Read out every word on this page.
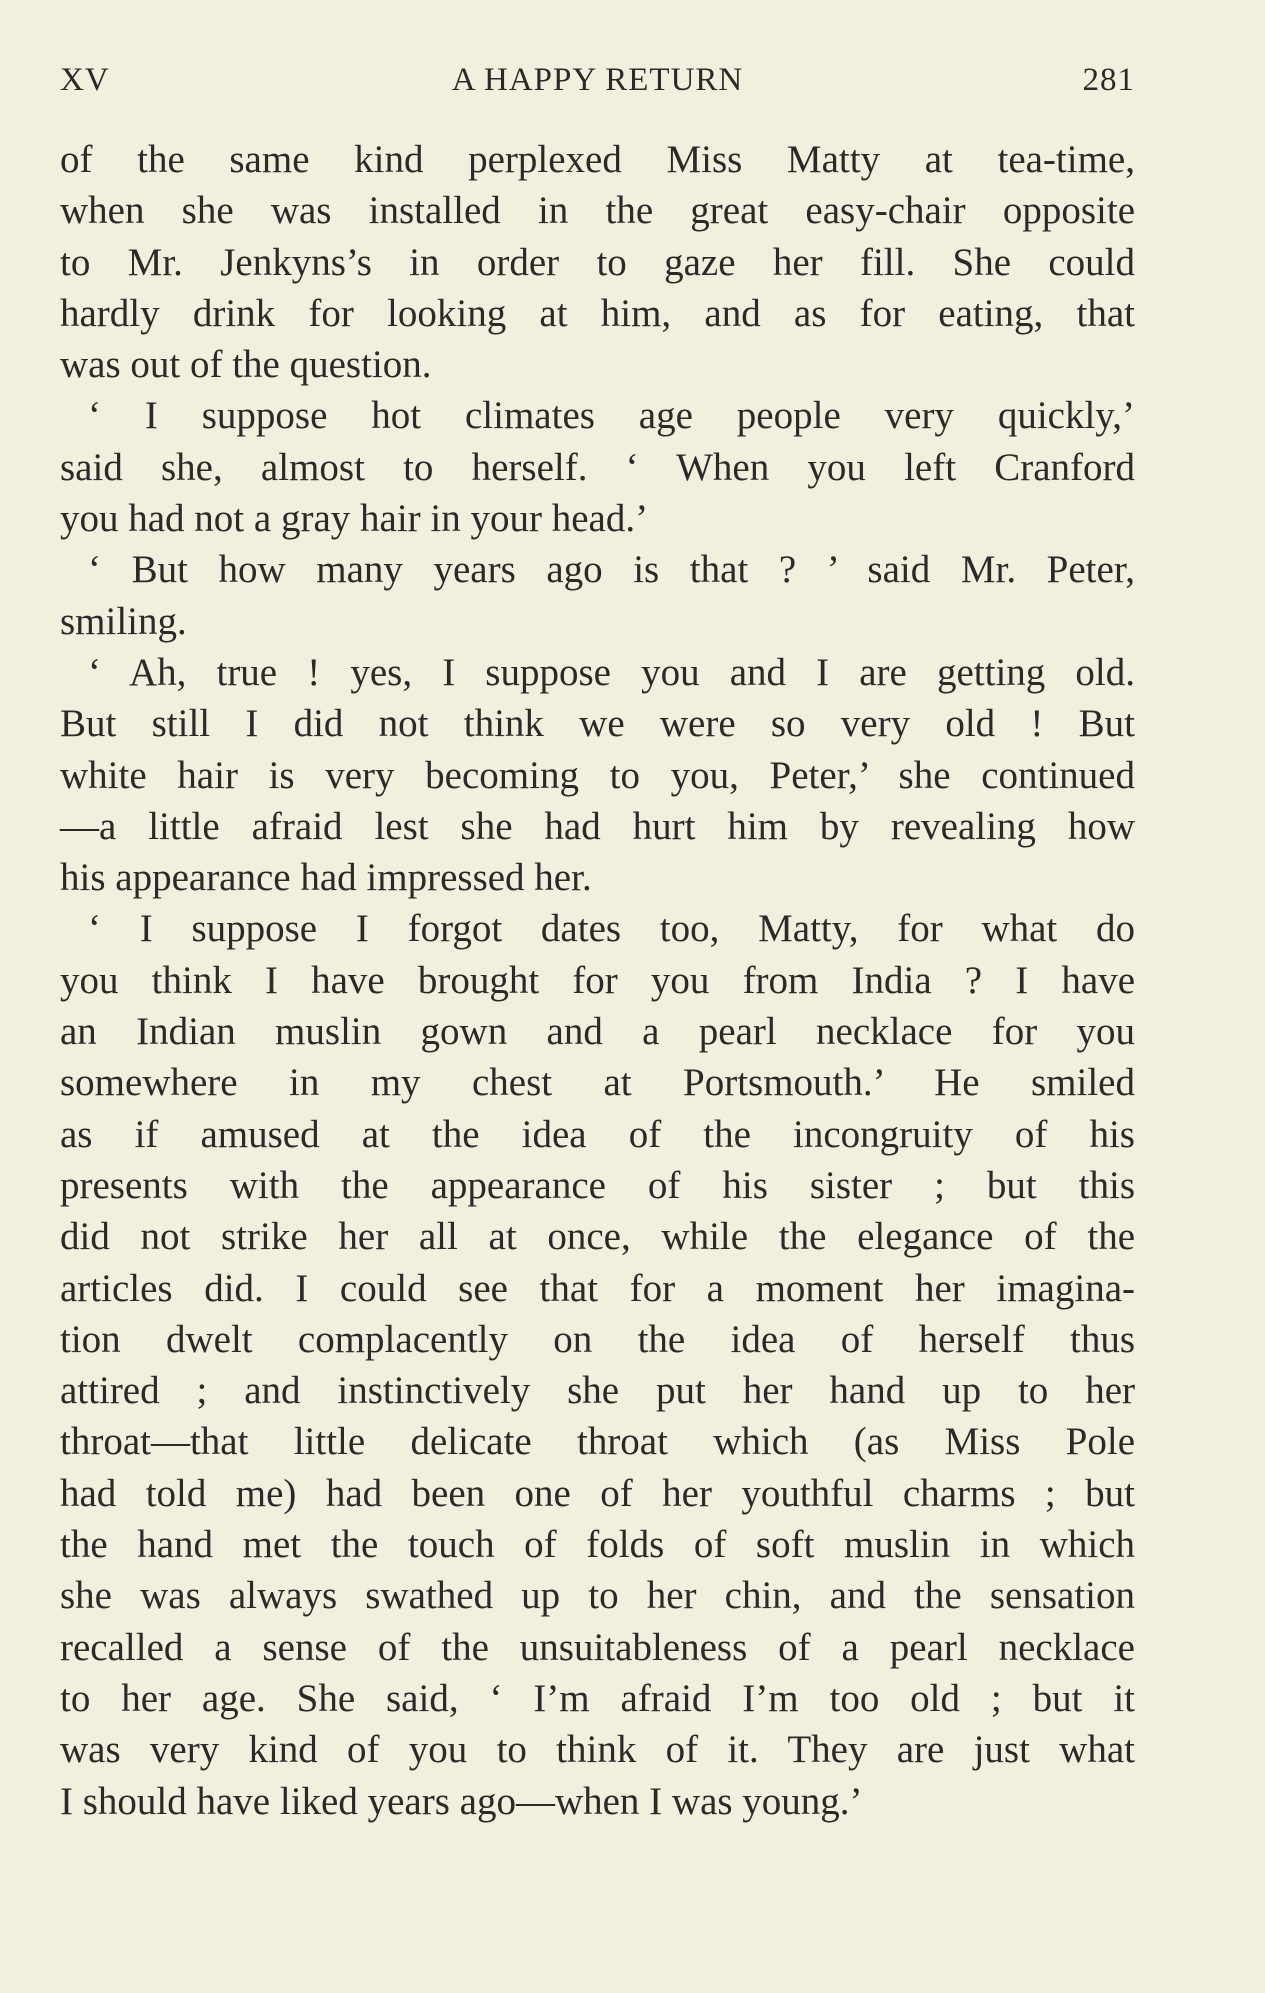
XV	A HAPPY RETURN	281
of the same kind perplexed Miss Matty at tea-time,
when she was installed in the great easy-chair opposite
to Mr. Jenkyns’s in order to gaze her fill. She could
hardly drink for looking at him, and as for eating, that
was out of the question.
‘ I suppose hot climates age people very quickly,’
said she, almost to herself. ‘ When you left Cranford
you had not a gray hair in your head.’
‘ But how many years ago is that ? ’ said Mr. Peter,
smiling.
‘ Ah, true ! yes, I suppose you and I are getting old.
But still I did not think we were so very old ! But
white hair is very becoming to you, Peter,’ she continued
—a little afraid lest she had hurt him by revealing how
his appearance had impressed her.
‘ I suppose I forgot dates too, Matty, for what do
you think I have brought for you from India ? I have
an Indian muslin gown and a pearl necklace for you
somewhere in my chest at Portsmouth.’ He smiled
as if amused at the idea of the incongruity of his
presents with the appearance of his sister ; but this
did not strike her all at once, while the elegance of the
articles did. I could see that for a moment her imagina-
tion dwelt complacently on the idea of herself thus
attired ; and instinctively she put her hand up to her
throat—that little delicate throat which (as Miss Pole
had told me) had been one of her youthful charms ; but
the hand met the touch of folds of soft muslin in which
she was always swathed up to her chin, and the sensation
recalled a sense of the unsuitableness of a pearl necklace
to her age. She said, ‘ I’m afraid I’m too old ; but it
was very kind of you to think of it. They are just what
I should have liked years ago—when I was young.’
